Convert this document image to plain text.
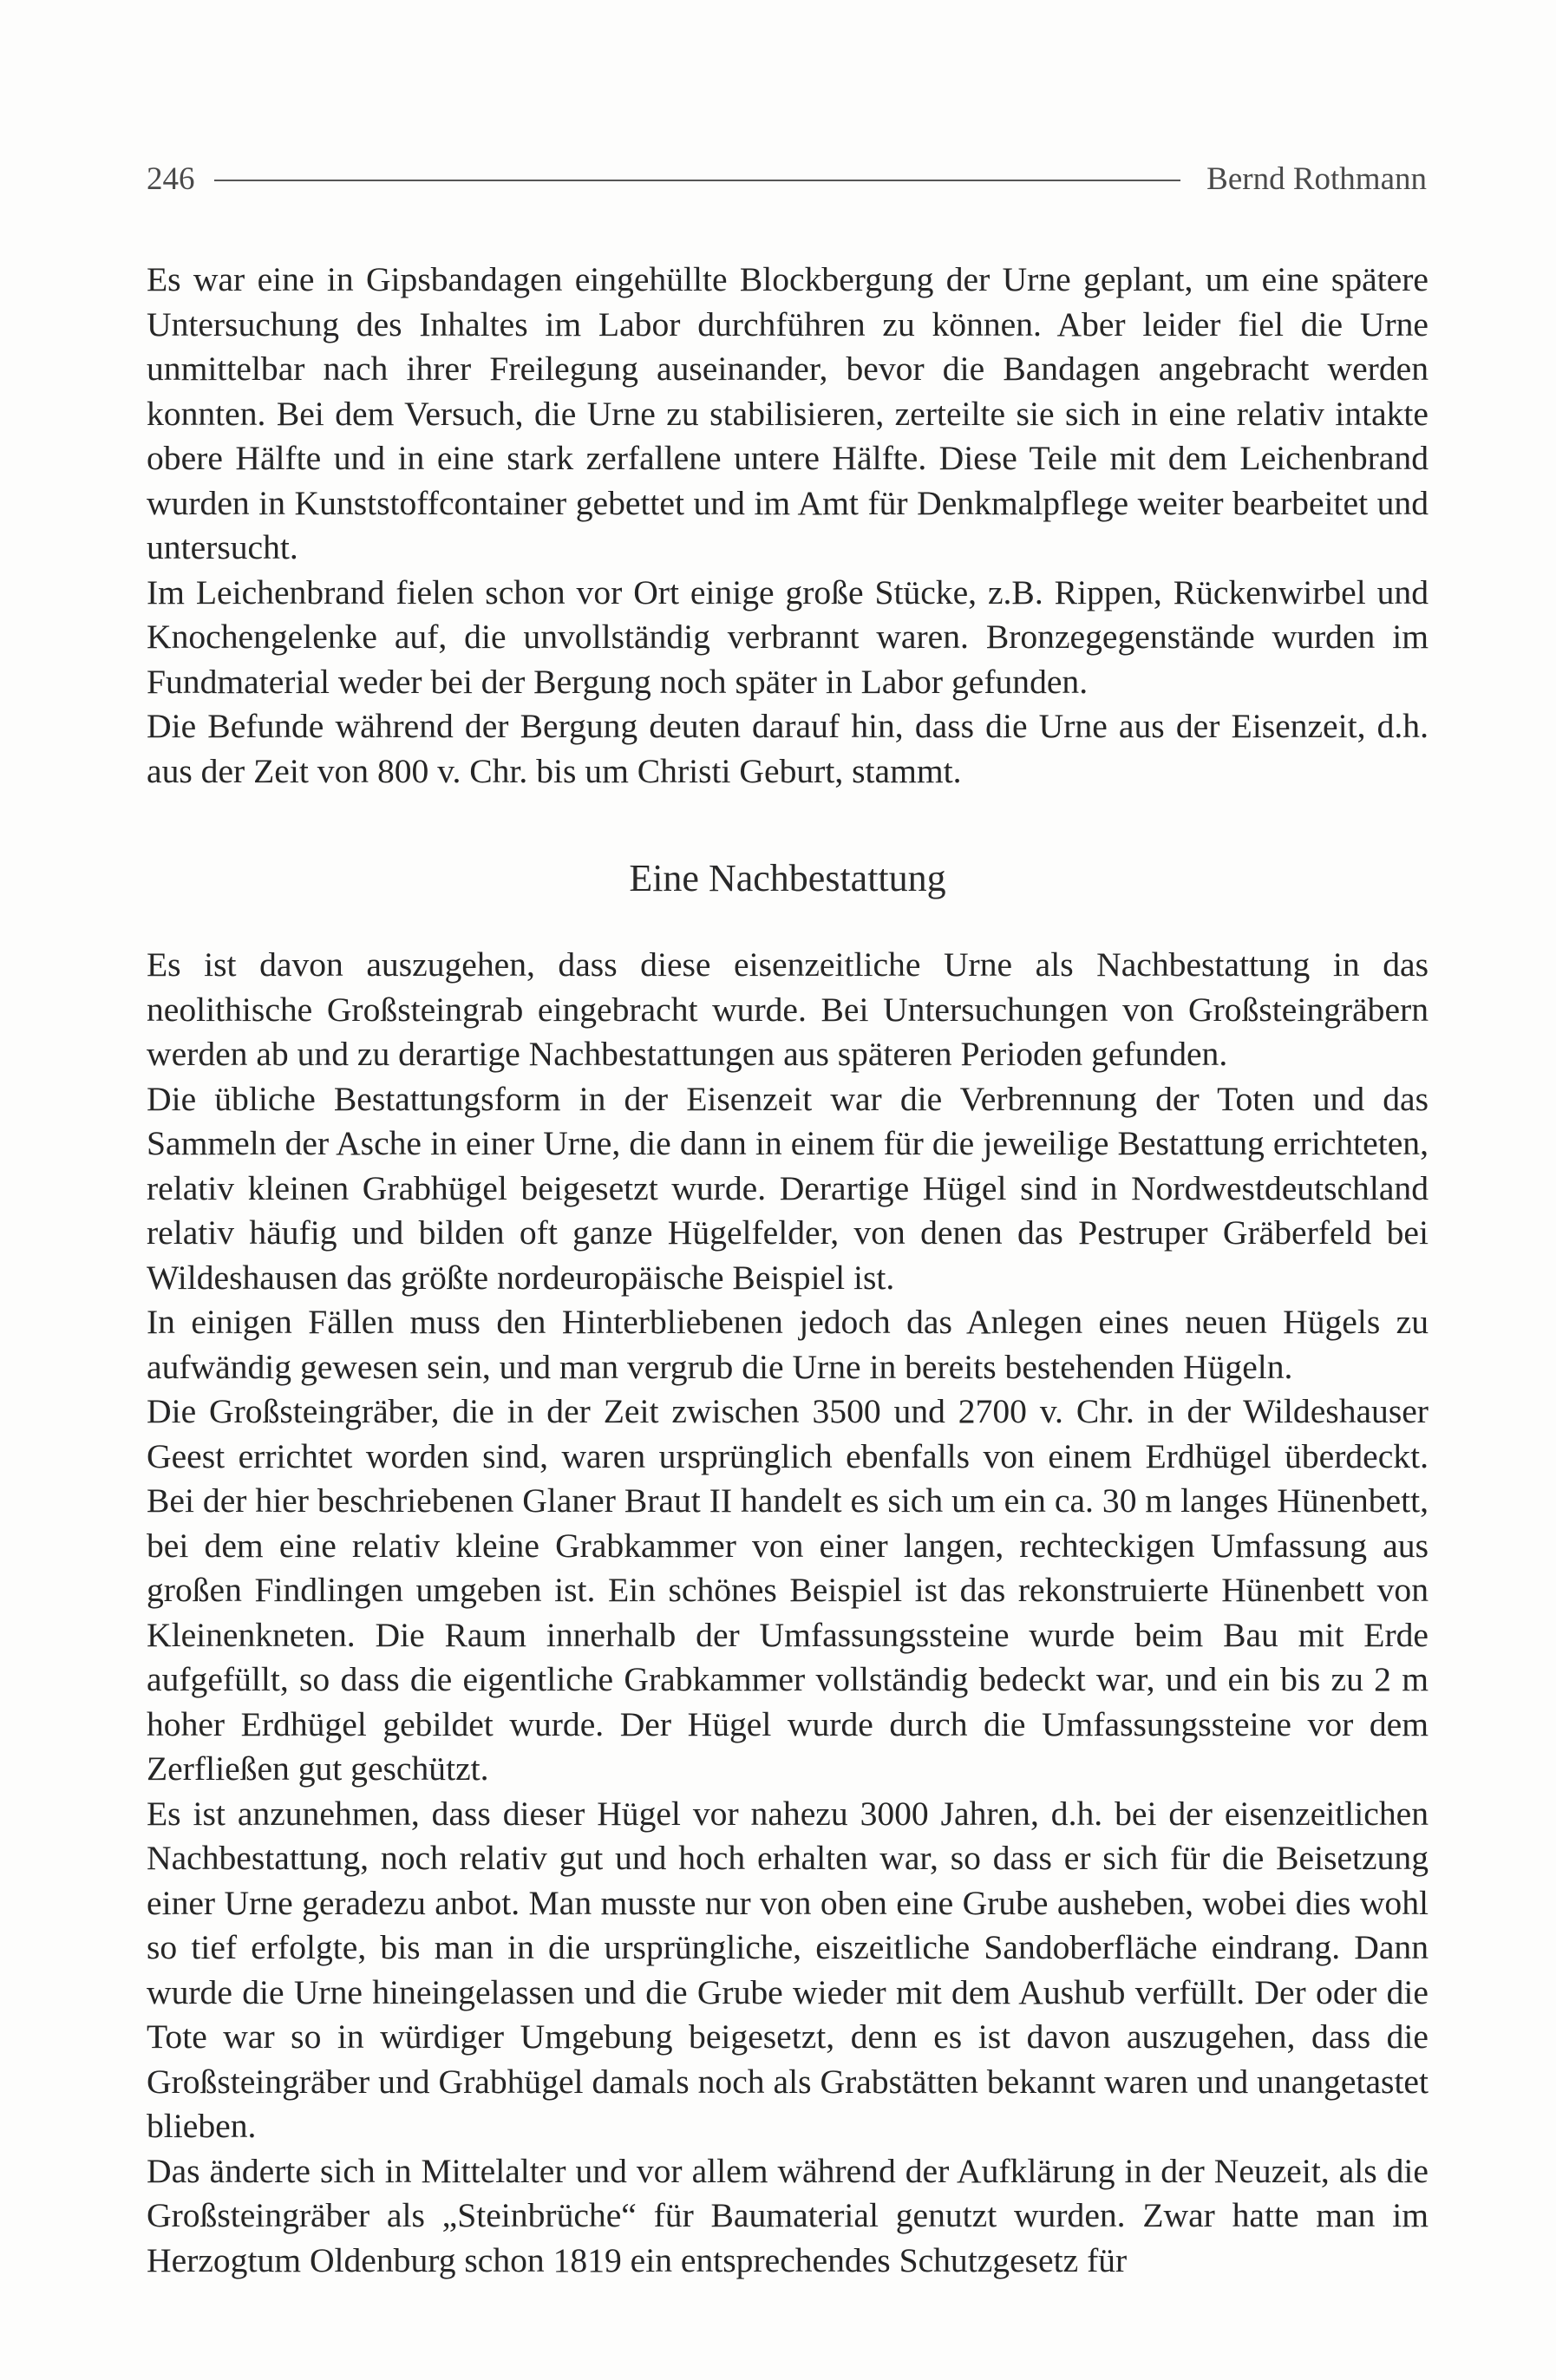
246	Bernd Rothmann

Es war eine in Gipsbandagen eingehüllte Blockbergung der Urne geplant, um eine spätere Untersuchung des Inhaltes im Labor durchführen zu können. Aber leider fiel die Urne unmittelbar nach ihrer Freilegung auseinander, bevor die Bandagen angebracht werden konnten. Bei dem Versuch, die Urne zu stabilisieren, zerteilte sie sich in eine relativ intakte obere Hälfte und in eine stark zerfallene untere Hälfte. Diese Teile mit dem Leichenbrand wurden in Kunststoffcontainer gebettet und im Amt für Denkmalpflege weiter bearbeitet und untersucht.

Im Leichenbrand fielen schon vor Ort einige große Stücke, z.B. Rippen, Rückenwirbel und Knochengelenke auf, die unvollständig verbrannt waren. Bronzegegenstände wurden im Fundmaterial weder bei der Bergung noch später in Labor gefunden.

Die Befunde während der Bergung deuten darauf hin, dass die Urne aus der Eisenzeit, d.h. aus der Zeit von 800 v. Chr. bis um Christi Geburt, stammt.

Eine Nachbestattung

Es ist davon auszugehen, dass diese eisenzeitliche Urne als Nachbestattung in das neolithische Großsteingrab eingebracht wurde. Bei Untersuchungen von Großsteingräbern werden ab und zu derartige Nachbestattungen aus späteren Perioden gefunden.

Die übliche Bestattungsform in der Eisenzeit war die Verbrennung der Toten und das Sammeln der Asche in einer Urne, die dann in einem für die jeweilige Bestattung errichteten, relativ kleinen Grabhügel beigesetzt wurde. Derartige Hügel sind in Nordwestdeutschland relativ häufig und bilden oft ganze Hügelfelder, von denen das Pestruper Gräberfeld bei Wildeshausen das größte nordeuropäische Beispiel ist.

In einigen Fällen muss den Hinterbliebenen jedoch das Anlegen eines neuen Hügels zu aufwändig gewesen sein, und man vergrub die Urne in bereits bestehenden Hügeln.

Die Großsteingräber, die in der Zeit zwischen 3500 und 2700 v. Chr. in der Wildeshauser Geest errichtet worden sind, waren ursprünglich ebenfalls von einem Erdhügel überdeckt. Bei der hier beschriebenen Glaner Braut II handelt es sich um ein ca. 30 m langes Hünenbett, bei dem eine relativ kleine Grabkammer von einer langen, rechteckigen Umfassung aus großen Findlingen umgeben ist. Ein schönes Beispiel ist das rekonstruierte Hünenbett von Kleinenkneten. Die Raum innerhalb der Umfassungssteine wurde beim Bau mit Erde aufgefüllt, so dass die eigentliche Grabkammer vollständig bedeckt war, und ein bis zu 2 m hoher Erdhügel gebildet wurde. Der Hügel wurde durch die Umfassungssteine vor dem Zerfließen gut geschützt.

Es ist anzunehmen, dass dieser Hügel vor nahezu 3000 Jahren, d.h. bei der eisenzeitlichen Nachbestattung, noch relativ gut und hoch erhalten war, so dass er sich für die Beisetzung einer Urne geradezu anbot. Man musste nur von oben eine Grube ausheben, wobei dies wohl so tief erfolgte, bis man in die ursprüngliche, eiszeitliche Sandoberfläche eindrang. Dann wurde die Urne hineingelassen und die Grube wieder mit dem Aushub verfüllt. Der oder die Tote war so in würdiger Umgebung beigesetzt, denn es ist davon auszugehen, dass die Großsteingräber und Grabhügel damals noch als Grabstätten bekannt waren und unangetastet blieben.

Das änderte sich in Mittelalter und vor allem während der Aufklärung in der Neuzeit, als die Großsteingräber als „Steinbrüche“ für Baumaterial genutzt wurden. Zwar hatte man im Herzogtum Oldenburg schon 1819 ein entsprechendes Schutzgesetz für
